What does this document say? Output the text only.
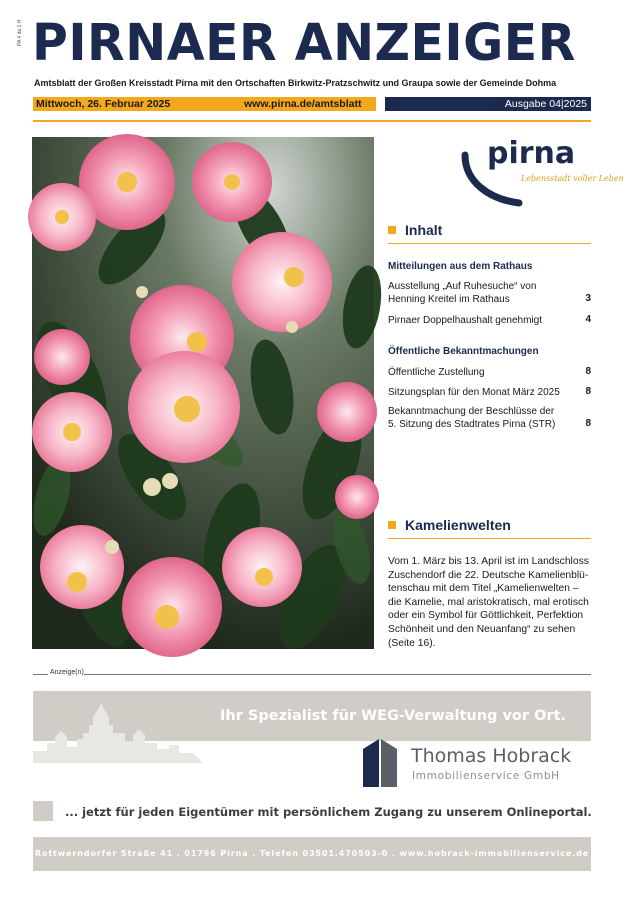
PA 4 da 1 H PIRNAER ANZEIGER
Amtsblatt der Großen Kreisstadt Pirna mit den Ortschaften Birkwitz-Pratzschwitz und Graupa sowie der Gemeinde Dohma
Mittwoch, 26. Februar 2025	www.pirna.de/amtsblatt	Ausgabe 04|2025
pirna
Lebensstadt voller Leben
Inhalt
Mitteilungen aus dem Rathaus
Ausstellung „Auf Ruhesuche“ von
Henning Kreitel im Rathaus	3
Pirnaer Doppelhaushalt genehmigt	4
Öffentliche Bekanntmachungen
Öffentliche Zustellung	8
Sitzungsplan für den Monat März 2025	8
Bekanntmachung der Beschlüsse der
5. Sitzung des Stadtrates Pirna (STR)	8
Kamelienwelten
Vom 1. März bis 13. April ist im Landschloss
Zuschendorf die 22. Deutsche Kamelienblü-
tenschau mit dem Titel „Kamelienwelten –
die Kamelie, mal aristokratisch, mal erotisch
oder ein Symbol für Göttlichkeit, Perfektion
Schönheit und den Neuanfang“ zu sehen
(Seite 16).
Anzeige(n)
Ihr Spezialist für WEG-Verwaltung vor Ort.
Thomas Hobrack
Immobilienservice GmbH
... jetzt für jeden Eigentümer mit persönlichem Zugang zu unserem Onlineportal.
Rottwerndorfer Straße 41 . 01796 Pirna . Telefon 03501.470503-0 . www.hobrack-immobilienservice.de
